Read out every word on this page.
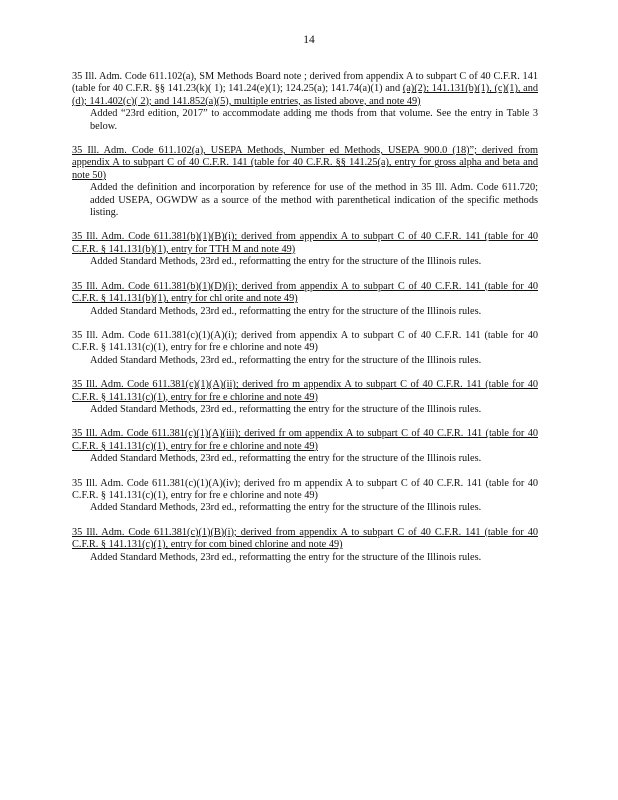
14

35 Ill. Adm. Code 611.102(a), SM Methods Board note ; derived from appendix A to subpart C of 40 C.F.R. 141 (table for 40 C.F.R. §§ 141.23(k)( 1); 141.24(e)(1); 124.25(a); 141.74(a)(1) and (a)(2); 141.131(b)(1), (c)(1), and (d); 141.402(c)( 2); and 141.852(a)(5), multiple entries, as listed above, and note 49)

Added “23rd edition, 2017” to accommodate adding me thods from that volume. See the entry in Table 3 below.

35 Ill. Adm. Code 611.102(a), USEPA Methods, Number ed Methods, USEPA 900.0 (18)”; derived from appendix A to subpart C of 40 C.F.R. 141 (table for 40 C.F.R. §§ 141.25(a), entry for gross alpha and beta and note 50)

Added the definition and incorporation by reference for use of the method in 35 Ill. Adm. Code 611.720; added USEPA, OGWDW as a source of the method with parenthetical indication of the specific methods listing.

35 Ill. Adm. Code 611.381(b)(1)(B)(i); derived from appendix A to subpart C of 40 C.F.R. 141 (table for 40 C.F.R. § 141.131(b)(1), entry for TTH M and note 49)

Added Standard Methods, 23rd ed., reformatting the entry for the structure of the Illinois rules.

35 Ill. Adm. Code 611.381(b)(1)(D)(i); derived from appendix A to subpart C of 40 C.F.R. 141 (table for 40 C.F.R. § 141.131(b)(1), entry for chl orite and note 49)

Added Standard Methods, 23rd ed., reformatting the entry for the structure of the Illinois rules.

35 Ill. Adm. Code 611.381(c)(1)(A)(i); derived from appendix A to subpart C of 40 C.F.R. 141 (table for 40 C.F.R. § 141.131(c)(1), entry for fre e chlorine and note 49)

Added Standard Methods, 23rd ed., reformatting the entry for the structure of the Illinois rules.

35 Ill. Adm. Code 611.381(c)(1)(A)(ii); derived fro m appendix A to subpart C of 40 C.F.R. 141 (table for 40 C.F.R. § 141.131(c)(1), entry for fre e chlorine and note 49)

Added Standard Methods, 23rd ed., reformatting the entry for the structure of the Illinois rules.

35 Ill. Adm. Code 611.381(c)(1)(A)(iii); derived fr om appendix A to subpart C of 40 C.F.R. 141 (table for 40 C.F.R. § 141.131(c)(1), entry for fre e chlorine and note 49)

Added Standard Methods, 23rd ed., reformatting the entry for the structure of the Illinois rules.

35 Ill. Adm. Code 611.381(c)(1)(A)(iv); derived fro m appendix A to subpart C of 40 C.F.R. 141 (table for 40 C.F.R. § 141.131(c)(1), entry for fre e chlorine and note 49)

Added Standard Methods, 23rd ed., reformatting the entry for the structure of the Illinois rules.

35 Ill. Adm. Code 611.381(c)(1)(B)(i); derived from appendix A to subpart C of 40 C.F.R. 141 (table for 40 C.F.R. § 141.131(c)(1), entry for com bined chlorine and note 49)

Added Standard Methods, 23rd ed., reformatting the entry for the structure of the Illinois rules.
